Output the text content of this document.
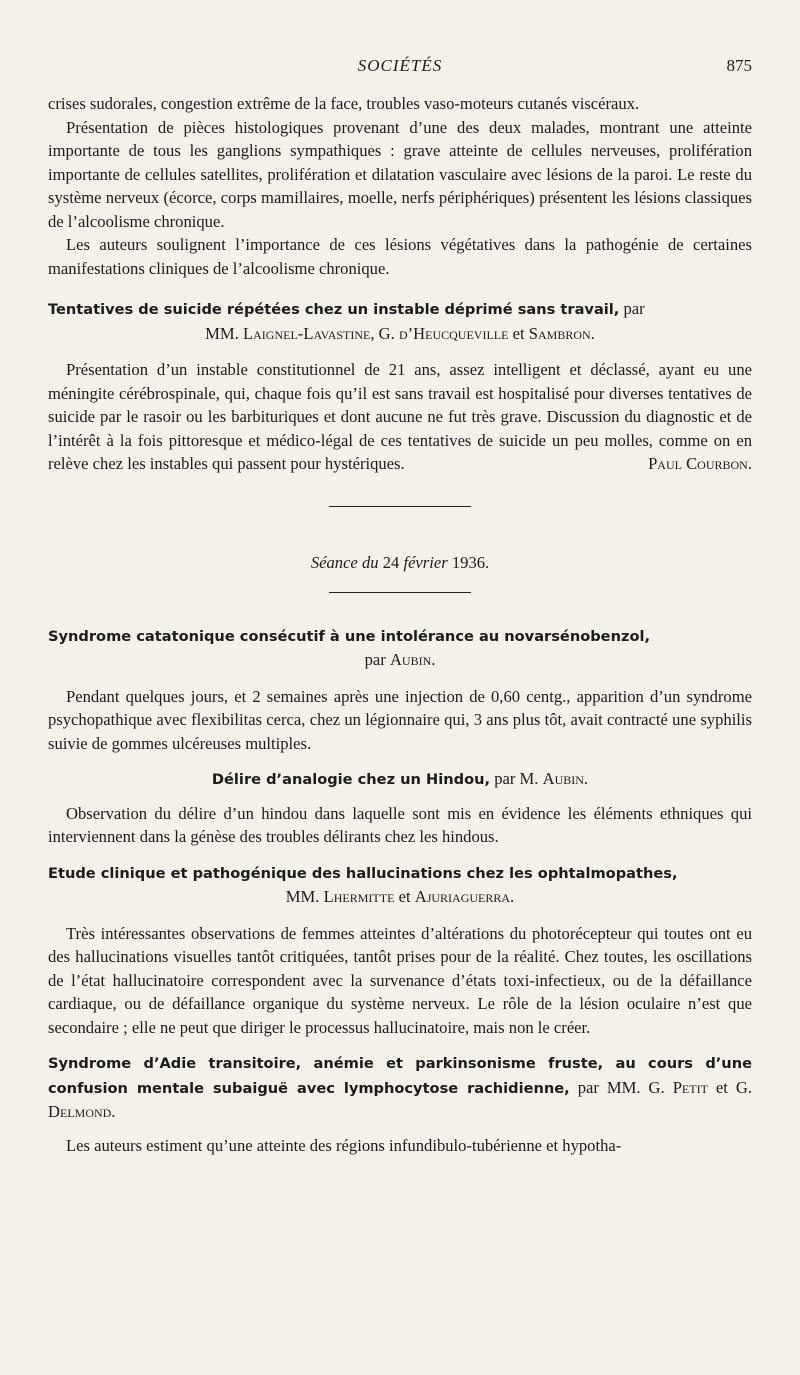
SOCIÉTÉS	875

crises sudorales, congestion extrême de la face, troubles vaso-moteurs cutanés viscéraux.

Présentation de pièces histologiques provenant d’une des deux malades, montrant une atteinte importante de tous les ganglions sympathiques : grave atteinte de cellules nerveuses, prolifération importante de cellules satellites, prolifération et dilatation vasculaire avec lésions de la paroi. Le reste du système nerveux (écorce, corps mamillaires, moelle, nerfs périphériques) présentent les lésions classiques de l’alcoolisme chronique.

Les auteurs soulignent l’importance de ces lésions végétatives dans la pathogénie de certaines manifestations cliniques de l’alcoolisme chronique.

Tentatives de suicide répétées chez un instable déprimé sans travail, par
MM. Laignel-Lavastine, G. d’Heucqueville et Sambron.

Présentation d’un instable constitutionnel de 21 ans, assez intelligent et déclassé, ayant eu une méningite cérébrospinale, qui, chaque fois qu’il est sans travail est hospitalisé pour diverses tentatives de suicide par le rasoir ou les barbituriques et dont aucune ne fut très grave. Discussion du diagnostic et de l’intérêt à la fois pittoresque et médico-légal de ces tentatives de suicide un peu molles, comme on en relève chez les instables qui passent pour hystériques.	Paul Courbon.

Séance du 24 février 1936.
Syndrome catatonique consécutif à une intolérance au novarsénobenzol,
par Aubin.

Pendant quelques jours, et 2 semaines après une injection de 0,60 centg., apparition d’un syndrome psychopathique avec flexibilitas cerca, chez un légionnaire qui, 3 ans plus tôt, avait contracté une syphilis suivie de gommes ulcéreuses multiples.

Délire d’analogie chez un Hindou, par M. Aubin.

Observation du délire d’un hindou dans laquelle sont mis en évidence les éléments ethniques qui interviennent dans la génèse des troubles délirants chez les hindous.

Etude clinique et pathogénique des hallucinations chez les ophtalmopathes,
MM. Lhermitte et Ajuriaguerra.

Très intéressantes observations de femmes atteintes d’altérations du photorécepteur qui toutes ont eu des hallucinations visuelles tantôt critiquées, tantôt prises pour de la réalité. Chez toutes, les oscillations de l’état hallucinatoire correspondent avec la survenance d’états toxi-infectieux, ou de la défaillance cardiaque, ou de défaillance organique du système nerveux. Le rôle de la lésion oculaire n’est que secondaire ; elle ne peut que diriger le processus hallucinatoire, mais non le créer.

Syndrome d’Adie transitoire, anémie et parkinsonisme fruste, au cours d’une confusion mentale subaiguë avec lymphocytose rachidienne, par MM. G. Petit et G. Delmond.

Les auteurs estiment qu’une atteinte des régions infundibulo-tubérienne et hypotha-
